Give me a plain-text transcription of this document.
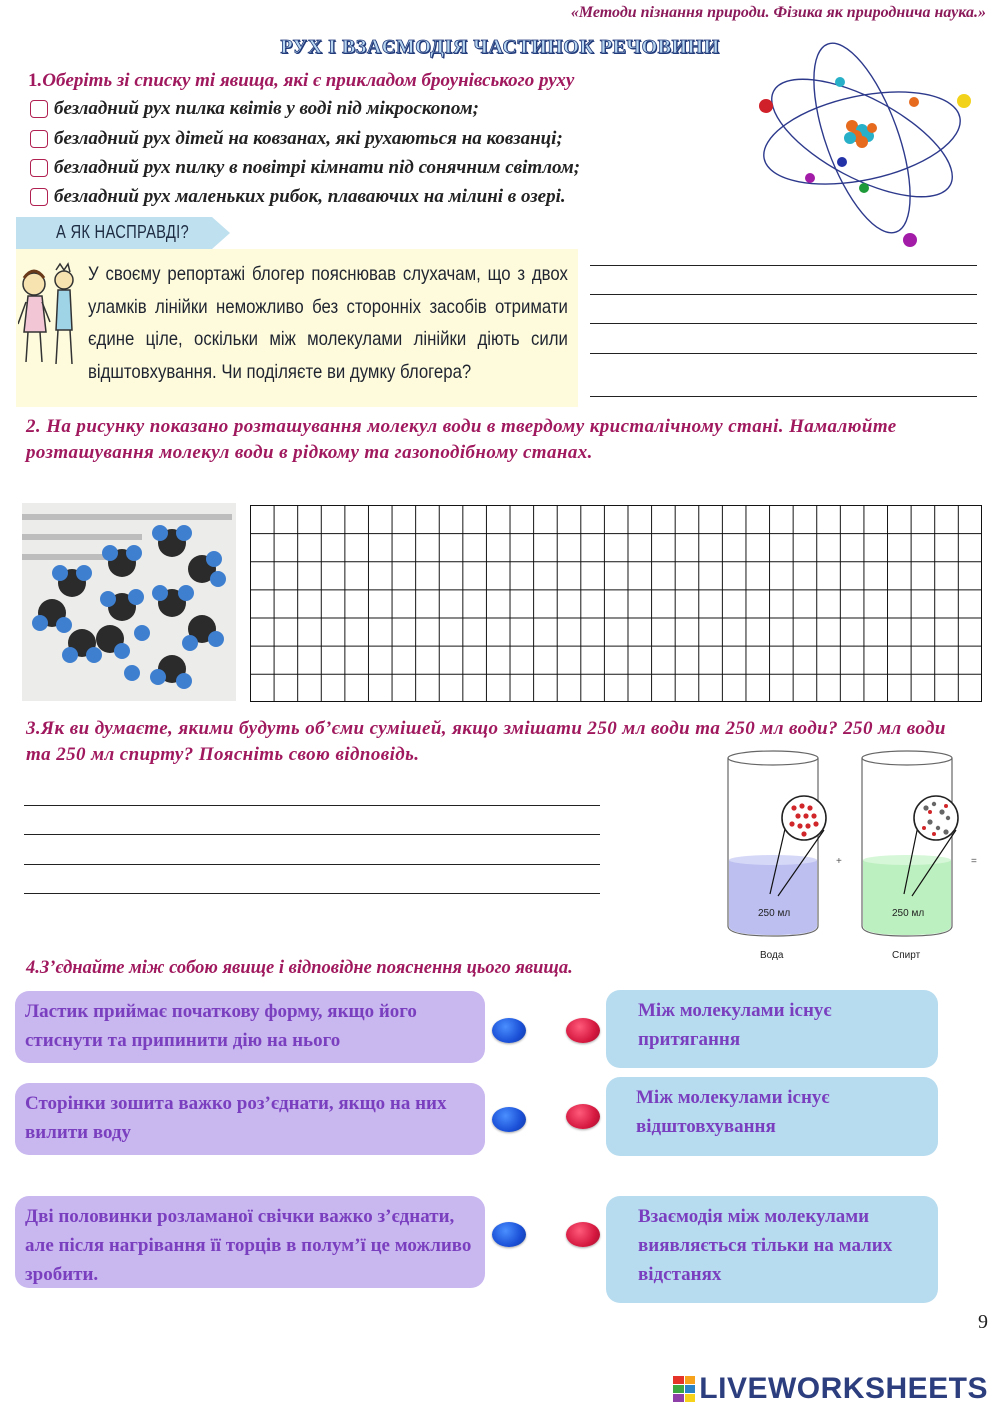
«Методи пізнання природи. Фізика як природнича наука.»
РУХ І ВЗАЄМОДІЯ ЧАСТИНОК РЕЧОВИНИ
1.Оберіть зі списку ті явища, які є прикладом броунівського руху
безладний рух пилка квітів у воді під мікроскопом;
безладний рух дітей на ковзанах, які рухаються на ковзанці;
безладний рух пилку в повітрі кімнати під сонячним світлом;
безладний рух маленьких рибок, плаваючих на мілині в озері.
А ЯК НАСПРАВДІ?
У своєму репортажі блогер пояснював слухачам, що з двох уламків лінійки неможливо без сторонніх засобів отримати єдине ціле, оскільки між молекулами лінійки діють сили відштовхування. Чи поділяєте ви думку блогера?
2. На рисунку показано розташування молекул води в твердому кристалічному стані. Намалюйте розташування молекул води в рідкому та газоподібному станах.
3.Як ви думаєте, якими будуть об’єми сумішей, якщо змішати 250 мл води та 250 мл води? 250 мл води та 250 мл спирту? Поясніть свою відповідь.
250 мл
Вода
+
250 мл
Спирт
=
4.З’єднайте між собою явище і відповідне пояснення цього явища.
Ластик приймає початкову форму, якщо його стиснути та припинити дію на нього
Між молекулами існує притягання
Сторінки зошита важко роз’єднати, якщо на них вилити воду
Між молекулами існує відштовхування
Дві половинки розламаної свічки важко з’єднати, але після нагрівання її торців в полум’ї це можливо зробити.
Взаємодія між молекулами виявляється тільки на малих відстанях
9
LIVEWORKSHEETS
